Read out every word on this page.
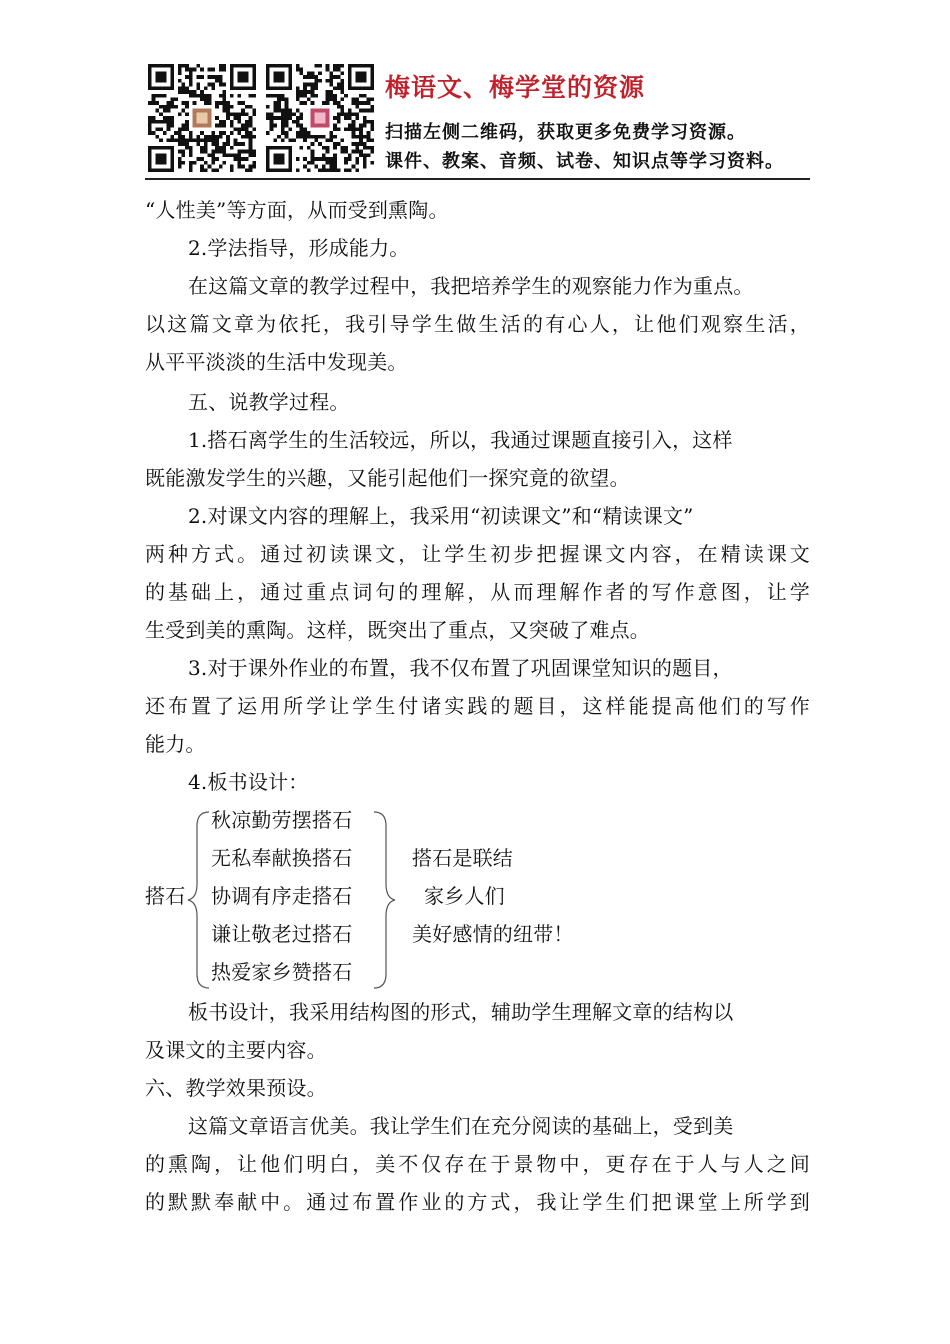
梅语文、梅学堂的资源
扫描左侧二维码，获取更多免费学习资源。
课件、教案、音频、试卷、知识点等学习资料。
“人性美”等方面，从而受到熏陶。
2.学法指导，形成能力。
在这篇文章的教学过程中，我把培养学生的观察能力作为重点。
以这篇文章为依托，我引导学生做生活的有心人，让他们观察生活，
从平平淡淡的生活中发现美。
五、说教学过程。
1.搭石离学生的生活较远，所以，我通过课题直接引入，这样
既能激发学生的兴趣，又能引起他们一探究竟的欲望。
2.对课文内容的理解上，我采用“初读课文”和“精读课文”
两种方式。通过初读课文，让学生初步把握课文内容，在精读课文
的基础上，通过重点词句的理解，从而理解作者的写作意图，让学
生受到美的熏陶。这样，既突出了重点，又突破了难点。
3.对于课外作业的布置，我不仅布置了巩固课堂知识的题目，
还布置了运用所学让学生付诸实践的题目，这样能提高他们的写作
能力。
4.板书设计：
搭石
秋凉勤劳摆搭石
无私奉献换搭石
协调有序走搭石
谦让敬老过搭石
热爱家乡赞搭石
搭石是联结
家乡人们
美好感情的纽带！
板书设计，我采用结构图的形式，辅助学生理解文章的结构以
及课文的主要内容。
六、教学效果预设。
这篇文章语言优美。我让学生们在充分阅读的基础上，受到美
的熏陶，让他们明白，美不仅存在于景物中，更存在于人与人之间
的默默奉献中。通过布置作业的方式，我让学生们把课堂上所学到
